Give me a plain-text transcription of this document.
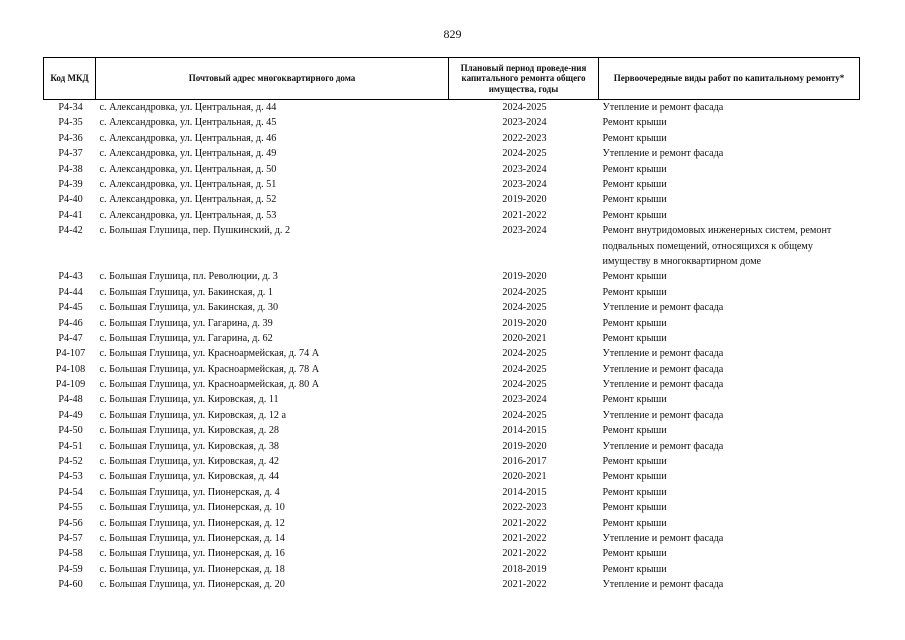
829
Код МКД	Почтовый адрес многоквартирного дома	Плановый период проведе-ния капитального ремонта общего имущества, годы	Первоочередные виды работ по капитальному ремонту*
Р4-34	с. Александровка, ул. Центральная, д. 44	2024-2025	Утепление и ремонт фасада
Р4-35	с. Александровка, ул. Центральная, д. 45	2023-2024	Ремонт крыши
Р4-36	с. Александровка, ул. Центральная, д. 46	2022-2023	Ремонт крыши
Р4-37	с. Александровка, ул. Центральная, д. 49	2024-2025	Утепление и ремонт фасада
Р4-38	с. Александровка, ул. Центральная, д. 50	2023-2024	Ремонт крыши
Р4-39	с. Александровка, ул. Центральная, д. 51	2023-2024	Ремонт крыши
Р4-40	с. Александровка, ул. Центральная, д. 52	2019-2020	Ремонт крыши
Р4-41	с. Александровка, ул. Центральная, д. 53	2021-2022	Ремонт крыши
Р4-42	с. Большая Глушица, пер. Пушкинский, д. 2	2023-2024	Ремонт внутридомовых инженерных систем, ремонт подвальных помещений, относящихся к общему имуществу в многоквартирном доме
Р4-43	с. Большая Глушица, пл. Революции, д. 3	2019-2020	Ремонт крыши
Р4-44	с. Большая Глушица, ул. Бакинская, д. 1	2024-2025	Ремонт крыши
Р4-45	с. Большая Глушица, ул. Бакинская, д. 30	2024-2025	Утепление и ремонт фасада
Р4-46	с. Большая Глушица, ул. Гагарина, д. 39	2019-2020	Ремонт крыши
Р4-47	с. Большая Глушица, ул. Гагарина, д. 62	2020-2021	Ремонт крыши
Р4-107	с. Большая Глушица, ул. Красноармейская, д. 74 А	2024-2025	Утепление и ремонт фасада
Р4-108	с. Большая Глушица, ул. Красноармейская, д. 78 А	2024-2025	Утепление и ремонт фасада
Р4-109	с. Большая Глушица, ул. Красноармейская, д. 80 А	2024-2025	Утепление и ремонт фасада
Р4-48	с. Большая Глушица, ул. Кировская, д. 11	2023-2024	Ремонт крыши
Р4-49	с. Большая Глушица, ул. Кировская, д. 12 а	2024-2025	Утепление и ремонт фасада
Р4-50	с. Большая Глушица, ул. Кировская, д. 28	2014-2015	Ремонт крыши
Р4-51	с. Большая Глушица, ул. Кировская, д. 38	2019-2020	Утепление и ремонт фасада
Р4-52	с. Большая Глушица, ул. Кировская, д. 42	2016-2017	Ремонт крыши
Р4-53	с. Большая Глушица, ул. Кировская, д. 44	2020-2021	Ремонт крыши
Р4-54	с. Большая Глушица, ул. Пионерская, д. 4	2014-2015	Ремонт крыши
Р4-55	с. Большая Глушица, ул. Пионерская, д. 10	2022-2023	Ремонт крыши
Р4-56	с. Большая Глушица, ул. Пионерская, д. 12	2021-2022	Ремонт крыши
Р4-57	с. Большая Глушица, ул. Пионерская, д. 14	2021-2022	Утепление и ремонт фасада
Р4-58	с. Большая Глушица, ул. Пионерская, д. 16	2021-2022	Ремонт крыши
Р4-59	с. Большая Глушица, ул. Пионерская, д. 18	2018-2019	Ремонт крыши
Р4-60	с. Большая Глушица, ул. Пионерская, д. 20	2021-2022	Утепление и ремонт фасада
